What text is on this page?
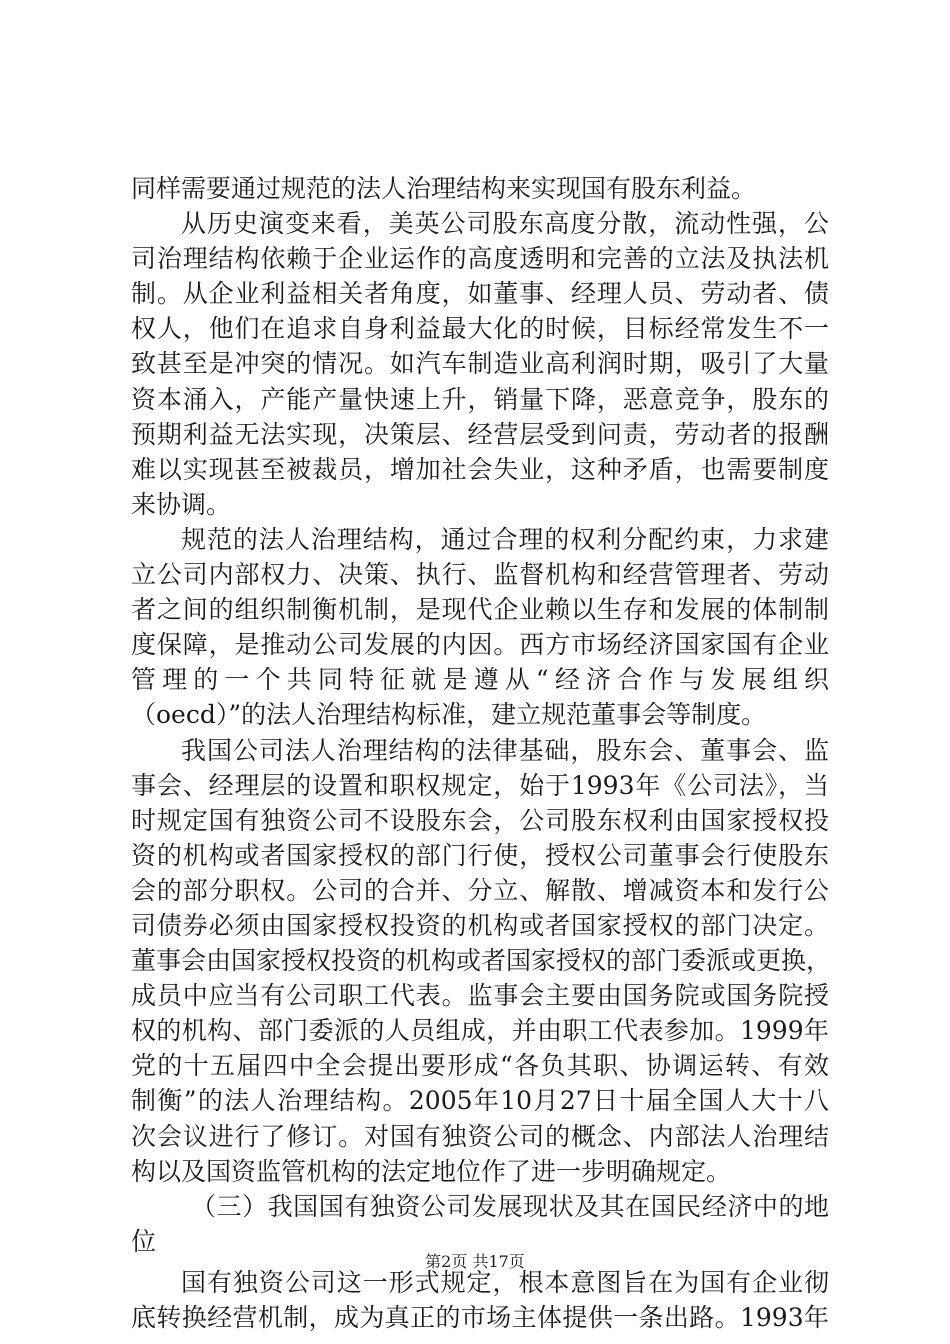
同样需要通过规范的法人治理结构来实现国有股东利益。
从历史演变来看，美英公司股东高度分散，流动性强，公
司治理结构依赖于企业运作的高度透明和完善的立法及执法机
制。从企业利益相关者角度，如董事、经理人员、劳动者、债
权人，他们在追求自身利益最大化的时候，目标经常发生不一
致甚至是冲突的情况。如汽车制造业高利润时期，吸引了大量
资本涌入，产能产量快速上升，销量下降，恶意竞争，股东的
预期利益无法实现，决策层、经营层受到问责，劳动者的报酬
难以实现甚至被裁员，增加社会失业，这种矛盾，也需要制度
来协调。
规范的法人治理结构，通过合理的权利分配约束，力求建
立公司内部权力、决策、执行、监督机构和经营管理者、劳动
者之间的组织制衡机制，是现代企业赖以生存和发展的体制制
度保障，是推动公司发展的内因。西方市场经济国家国有企业
管理的一个共同特征就是遵从“经济合作与发展组织
（oecd）”的法人治理结构标准，建立规范董事会等制度。
我国公司法人治理结构的法律基础，股东会、董事会、监
事会、经理层的设置和职权规定，始于1993年《公司法》，当
时规定国有独资公司不设股东会，公司股东权利由国家授权投
资的机构或者国家授权的部门行使，授权公司董事会行使股东
会的部分职权。公司的合并、分立、解散、增减资本和发行公
司债券必须由国家授权投资的机构或者国家授权的部门决定。
董事会由国家授权投资的机构或者国家授权的部门委派或更换，
成员中应当有公司职工代表。监事会主要由国务院或国务院授
权的机构、部门委派的人员组成，并由职工代表参加。1999年
党的十五届四中全会提出要形成“各负其职、协调运转、有效
制衡”的法人治理结构。2005年10月27日十届全国人大十八
次会议进行了修订。对国有独资公司的概念、内部法人治理结
构以及国资监管机构的法定地位作了进一步明确规定。
（三）我国国有独资公司发展现状及其在国民经济中的地
位
国有独资公司这一形式规定，根本意图旨在为国有企业彻
底转换经营机制，成为真正的市场主体提供一条出路。1993年
第2页 共17页
